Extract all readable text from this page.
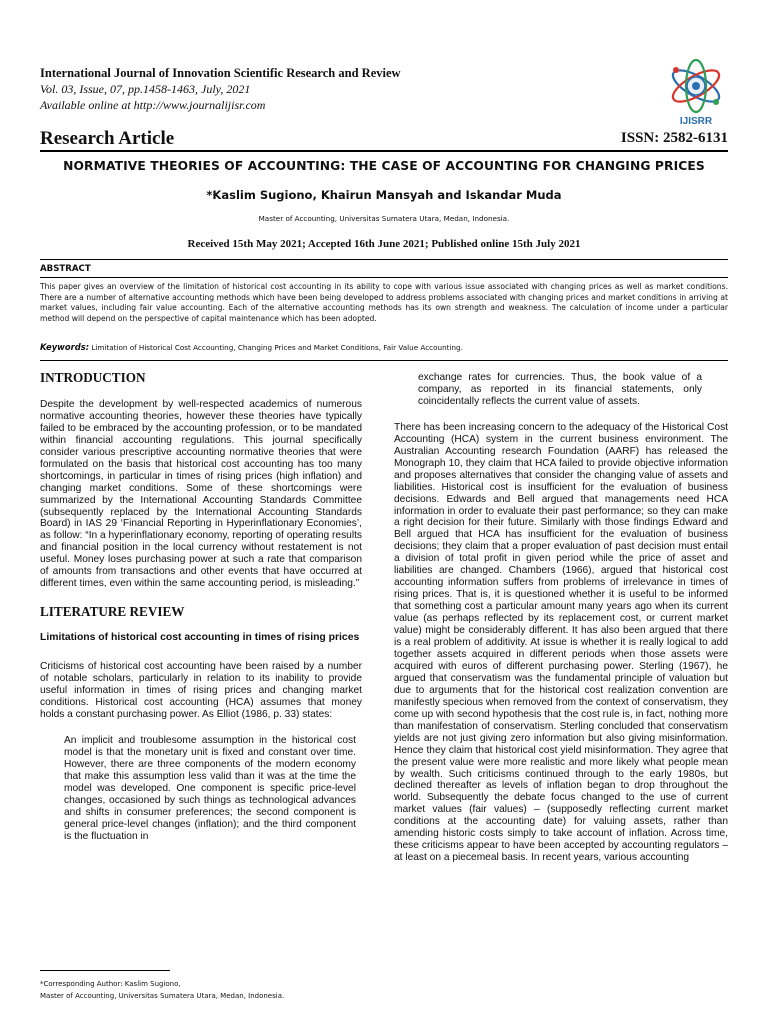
International Journal of Innovation Scientific Research and Review
Vol. 03, Issue, 07, pp.1458-1463, July, 2021
Available online at http://www.journalijisr.com
IJISRR
Research Article	ISSN: 2582-6131
NORMATIVE THEORIES OF ACCOUNTING: THE CASE OF ACCOUNTING FOR CHANGING PRICES
*Kaslim Sugiono, Khairun Mansyah and Iskandar Muda
Master of Accounting, Universitas Sumatera Utara, Medan, Indonesia.
Received 15th May 2021; Accepted 16th June 2021; Published online 15th July 2021
ABSTRACT

This paper gives an overview of the limitation of historical cost accounting in its ability to cope with various issue associated with changing prices as well as market conditions. There are a number of alternative accounting methods which have been being developed to address problems associated with changing prices and market conditions in arriving at market values, including fair value accounting. Each of the alternative accounting methods has its own strength and weakness. The calculation of income under a particular method will depend on the perspective of capital maintenance which has been adopted.

Keywords: Limitation of Historical Cost Accounting, Changing Prices and Market Conditions, Fair Value Accounting.

INTRODUCTION

Despite the development by well-respected academics of numerous normative accounting theories, however these theories have typically failed to be embraced by the accounting profession, or to be mandated within financial accounting regulations. This journal specifically consider various prescriptive accounting normative theories that were formulated on the basis that historical cost accounting has too many shortcomings, in particular in times of rising prices (high inflation) and changing market conditions. Some of these shortcomings were summarized by the International Accounting Standards Committee (subsequently replaced by the International Accounting Standards Board) in IAS 29 ‘Financial Reporting in Hyperinflationary Economies’, as follow: “In a hyperinflationary economy, reporting of operating results and financial position in the local currency without restatement is not useful. Money loses purchasing power at such a rate that comparison of amounts from transactions and other events that have occurred at different times, even within the same accounting period, is misleading.”

LITERATURE REVIEW
Limitations of historical cost accounting in times of rising prices

Criticisms of historical cost accounting have been raised by a number of notable scholars, particularly in relation to its inability to provide useful information in times of rising prices and changing market conditions. Historical cost accounting (HCA) assumes that money holds a constant purchasing power. As Elliot (1986, p. 33) states:

An implicit and troublesome assumption in the historical cost model is that the monetary unit is fixed and constant over time. However, there are three components of the modern economy that make this assumption less valid than it was at the time the model was developed. One component is specific price-level changes, occasioned by such things as technological advances and shifts in consumer preferences; the second component is general price-level changes (inflation); and the third component is the fluctuation in

*Corresponding Author: Kaslim Sugiono,
Master of Accounting, Universitas Sumatera Utara, Medan, Indonesia.

exchange rates for currencies. Thus, the book value of a company, as reported in its financial statements, only coincidentally reflects the current value of assets.

There has been increasing concern to the adequacy of the Historical Cost Accounting (HCA) system in the current business environment. The Australian Accounting research Foundation (AARF) has released the Monograph 10, they claim that HCA failed to provide objective information and proposes alternatives that consider the changing value of assets and liabilities. Historical cost is insufficient for the evaluation of business decisions. Edwards and Bell argued that managements need HCA information in order to evaluate their past performance; so they can make a right decision for their future. Similarly with those findings Edward and Bell argued that HCA has insufficient for the evaluation of business decisions; they claim that a proper evaluation of past decision must entail a division of total profit in given period while the price of asset and liabilities are changed. Chambers (1966), argued that historical cost accounting information suffers from problems of irrelevance in times of rising prices. That is, it is questioned whether it is useful to be informed that something cost a particular amount many years ago when its current value (as perhaps reflected by its replacement cost, or current market value) might be considerably different. It has also been argued that there is a real problem of additivity. At issue is whether it is really logical to add together assets acquired in different periods when those assets were acquired with euros of different purchasing power. Sterling (1967), he argued that conservatism was the fundamental principle of valuation but due to arguments that for the historical cost realization convention are manifestly specious when removed from the context of conservatism, they come up with second hypothesis that the cost rule is, in fact, nothing more than manifestation of conservatism. Sterling concluded that conservatism yields are not just giving zero information but also giving misinformation. Hence they claim that historical cost yield misinformation. They agree that the present value were more realistic and more likely what people mean by wealth. Such criticisms continued through to the early 1980s, but declined thereafter as levels of inflation began to drop throughout the world. Subsequently the debate focus changed to the use of current market values (fair values) – (supposedly reflecting current market conditions at the accounting date) for valuing assets, rather than amending historic costs simply to take account of inflation. Across time, these criticisms appear to have been accepted by accounting regulators – at least on a piecemeal basis. In recent years, various accounting
